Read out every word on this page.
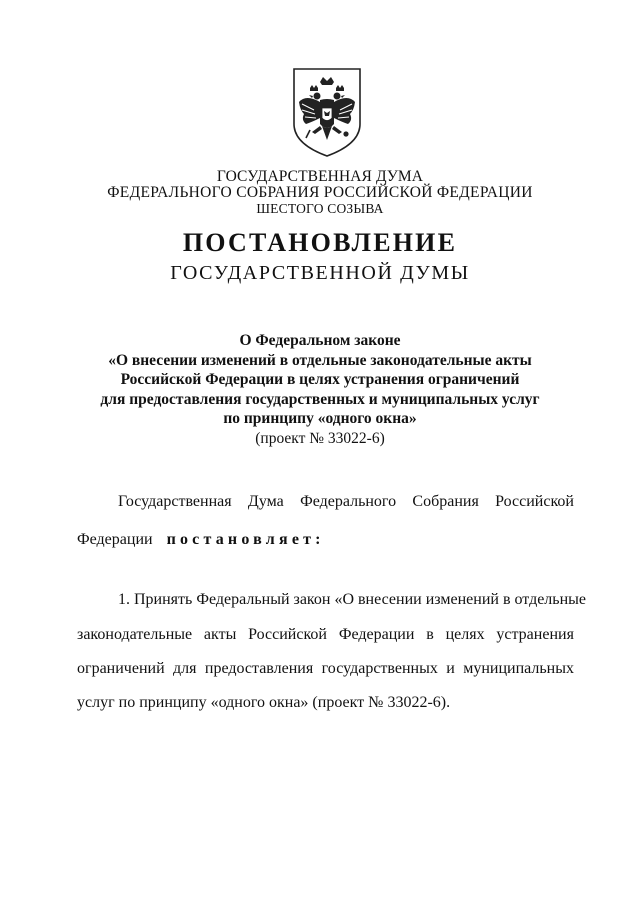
ГОСУДАРСТВЕННАЯ ДУМА
ФЕДЕРАЛЬНОГО СОБРАНИЯ РОССИЙСКОЙ ФЕДЕРАЦИИ
ШЕСТОГО СОЗЫВА
ПОСТАНОВЛЕНИЕ
ГОСУДАРСТВЕННОЙ ДУМЫ
О Федеральном законе
«О внесении изменений в отдельные законодательные акты
Российской Федерации в целях устранения ограничений
для предоставления государственных и муниципальных услуг
по принципу «одного окна»
(проект № 33022-6)
Государственная Дума Федерального Собрания Российской
Федерации постановляет:
1. Принять Федеральный закон «О внесении изменений в отдельные
законодательные акты Российской Федерации в целях устранения
ограничений для предоставления государственных и муниципальных
услуг по принципу «одного окна» (проект № 33022-6).
